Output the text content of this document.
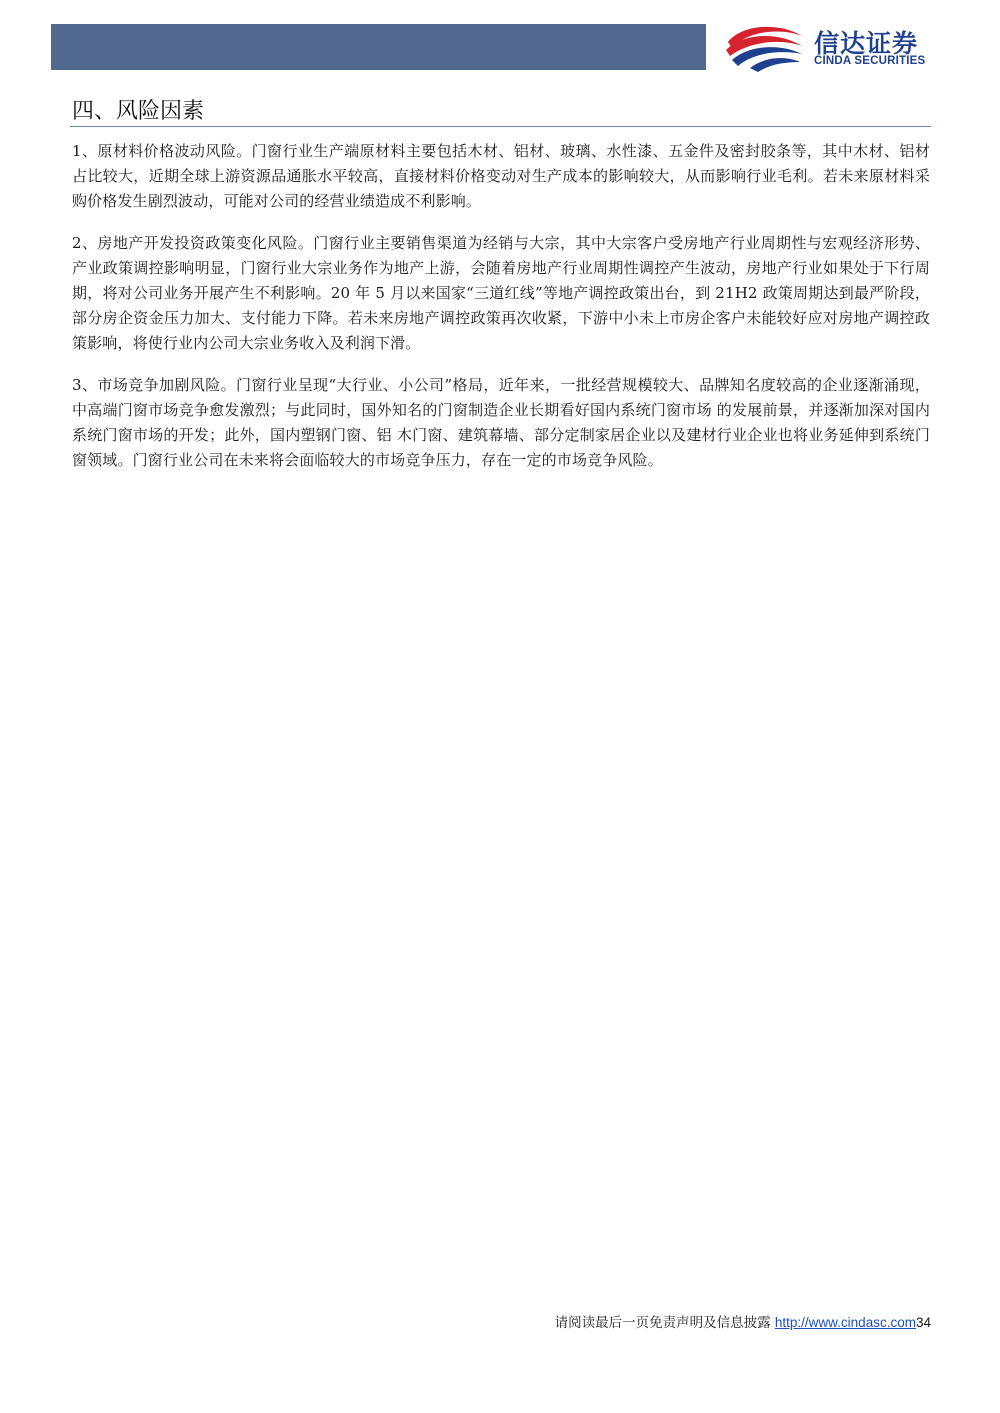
信达证券
CINDA SECURITIES
四、风险因素

1、原材料价格波动风险。门窗行业生产端原材料主要包括木材、铝材、玻璃、水性漆、五金件及密封胶条等，其中木材、铝材占比较大，近期全球上游资源品通胀水平较高，直接材料价格变动对生产成本的影响较大，从而影响行业毛利。若未来原材料采购价格发生剧烈波动，可能对公司的经营业绩造成不利影响。

2、房地产开发投资政策变化风险。门窗行业主要销售渠道为经销与大宗，其中大宗客户受房地产行业周期性与宏观经济形势、产业政策调控影响明显，门窗行业大宗业务作为地产上游，会随着房地产行业周期性调控产生波动，房地产行业如果处于下行周期，将对公司业务开展产生不利影响。20 年 5 月以来国家“三道红线”等地产调控政策出台，到 21H2 政策周期达到最严阶段，部分房企资金压力加大、支付能力下降。若未来房地产调控政策再次收紧，下游中小未上市房企客户未能较好应对房地产调控政策影响，将使行业内公司大宗业务收入及利润下滑。

3、市场竞争加剧风险。门窗行业呈现“大行业、小公司”格局，近年来，一批经营规模较大、品牌知名度较高的企业逐渐涌现，中高端门窗市场竞争愈发激烈；与此同时，国外知名的门窗制造企业长期看好国内系统门窗市场 的发展前景，并逐渐加深对国内系统门窗市场的开发；此外，国内塑钢门窗、铝 木门窗、建筑幕墙、部分定制家居企业以及建材行业企业也将业务延伸到系统门窗领域。门窗行业公司在未来将会面临较大的市场竞争压力，存在一定的市场竞争风险。

请阅读最后一页免责声明及信息披露 http://www.cindasc.com34
